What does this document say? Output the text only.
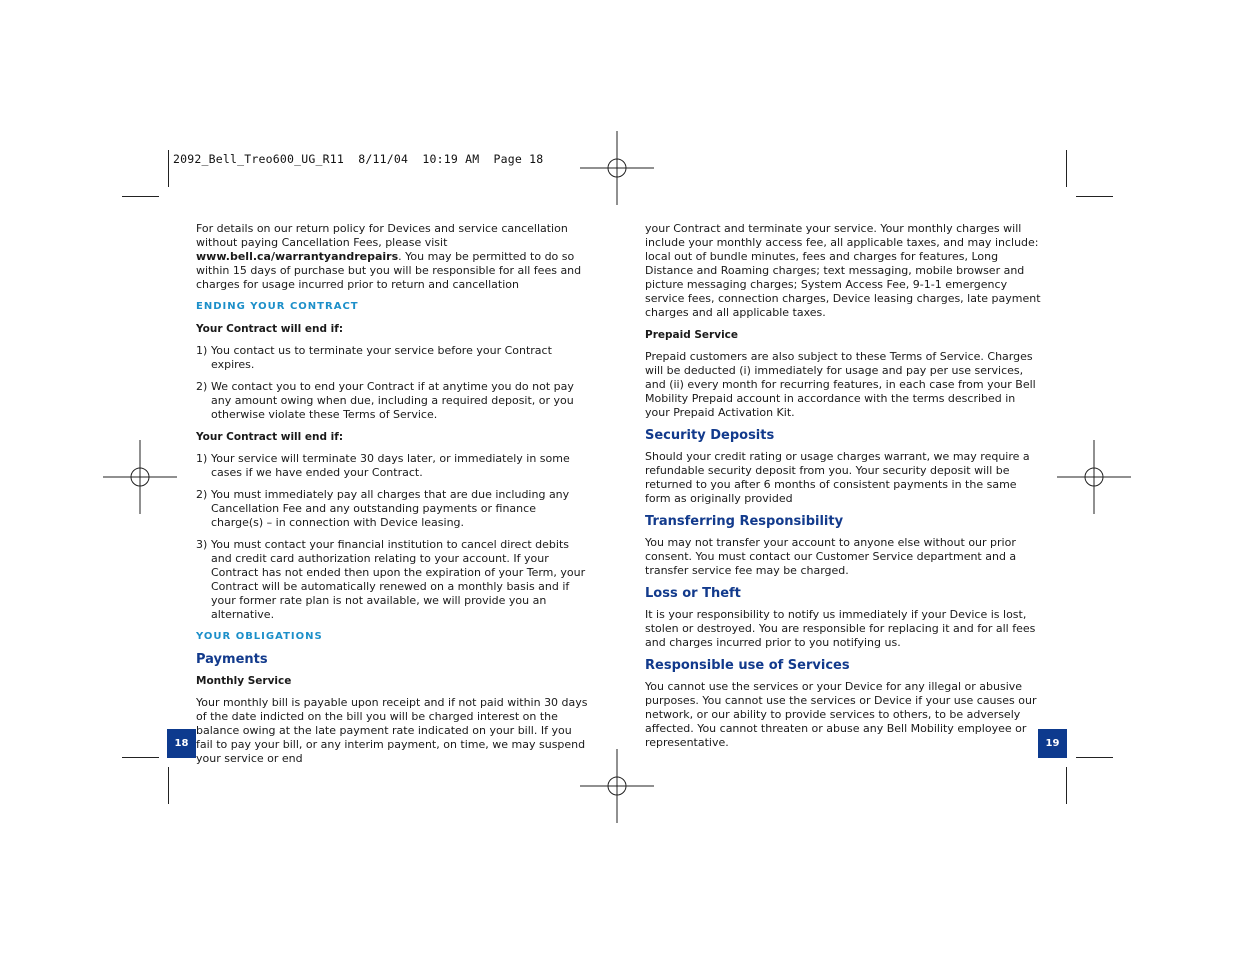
2092_Bell_Treo600_UG_R11  8/11/04  10:19 AM  Page 18

For details on our return policy for Devices and service cancellation without paying Cancellation Fees, please visit www.bell.ca/warrantyandrepairs. You may be permitted to do so within 15 days of purchase but you will be responsible for all fees and charges for usage incurred prior to return and cancellation

ENDING YOUR CONTRACT
Your Contract will end if:
1) You contact us to terminate your service before your Contract expires.
2) We contact you to end your Contract if at anytime you do not pay any amount owing when due, including a required deposit, or you otherwise violate these Terms of Service.
Your Contract will end if:
1) Your service will terminate 30 days later, or immediately in some cases if we have ended your Contract.
2) You must immediately pay all charges that are due including any Cancellation Fee and any outstanding payments or finance charge(s) – in connection with Device leasing.
3) You must contact your financial institution to cancel direct debits and credit card authorization relating to your account. If your Contract has not ended then upon the expiration of your Term, your Contract will be automatically renewed on a monthly basis and if your former rate plan is not available, we will provide you an alternative.
YOUR OBLIGATIONS
Payments
Monthly Service

Your monthly bill is payable upon receipt and if not paid within 30 days of the date indicted on the bill you will be charged interest on the balance owing at the late payment rate indicated on your bill. If you fail to pay your bill, or any interim payment, on time, we may suspend your service or end

18

your Contract and terminate your service. Your monthly charges will include your monthly access fee, all applicable taxes, and may include: local out of bundle minutes, fees and charges for features, Long Distance and Roaming charges; text messaging, mobile browser and picture messaging charges; System Access Fee, 9-1-1 emergency service fees, connection charges, Device leasing charges, late payment charges and all applicable taxes.

Prepaid Service

Prepaid customers are also subject to these Terms of Service. Charges will be deducted (i) immediately for usage and pay per use services, and (ii) every month for recurring features, in each case from your Bell Mobility Prepaid account in accordance with the terms described in your Prepaid Activation Kit.

Security Deposits

Should your credit rating or usage charges warrant, we may require a refundable security deposit from you. Your security deposit will be returned to you after 6 months of consistent payments in the same form as originally provided

Transferring Responsibility

You may not transfer your account to anyone else without our prior consent. You must contact our Customer Service department and a transfer service fee may be charged.

Loss or Theft

It is your responsibility to notify us immediately if your Device is lost, stolen or destroyed. You are responsible for replacing it and for all fees and charges incurred prior to you notifying us.

Responsible use of Services

You cannot use the services or your Device for any illegal or abusive purposes. You cannot use the services or Device if your use causes our network, or our ability to provide services to others, to be adversely affected. You cannot threaten or abuse any Bell Mobility employee or representative.	19
